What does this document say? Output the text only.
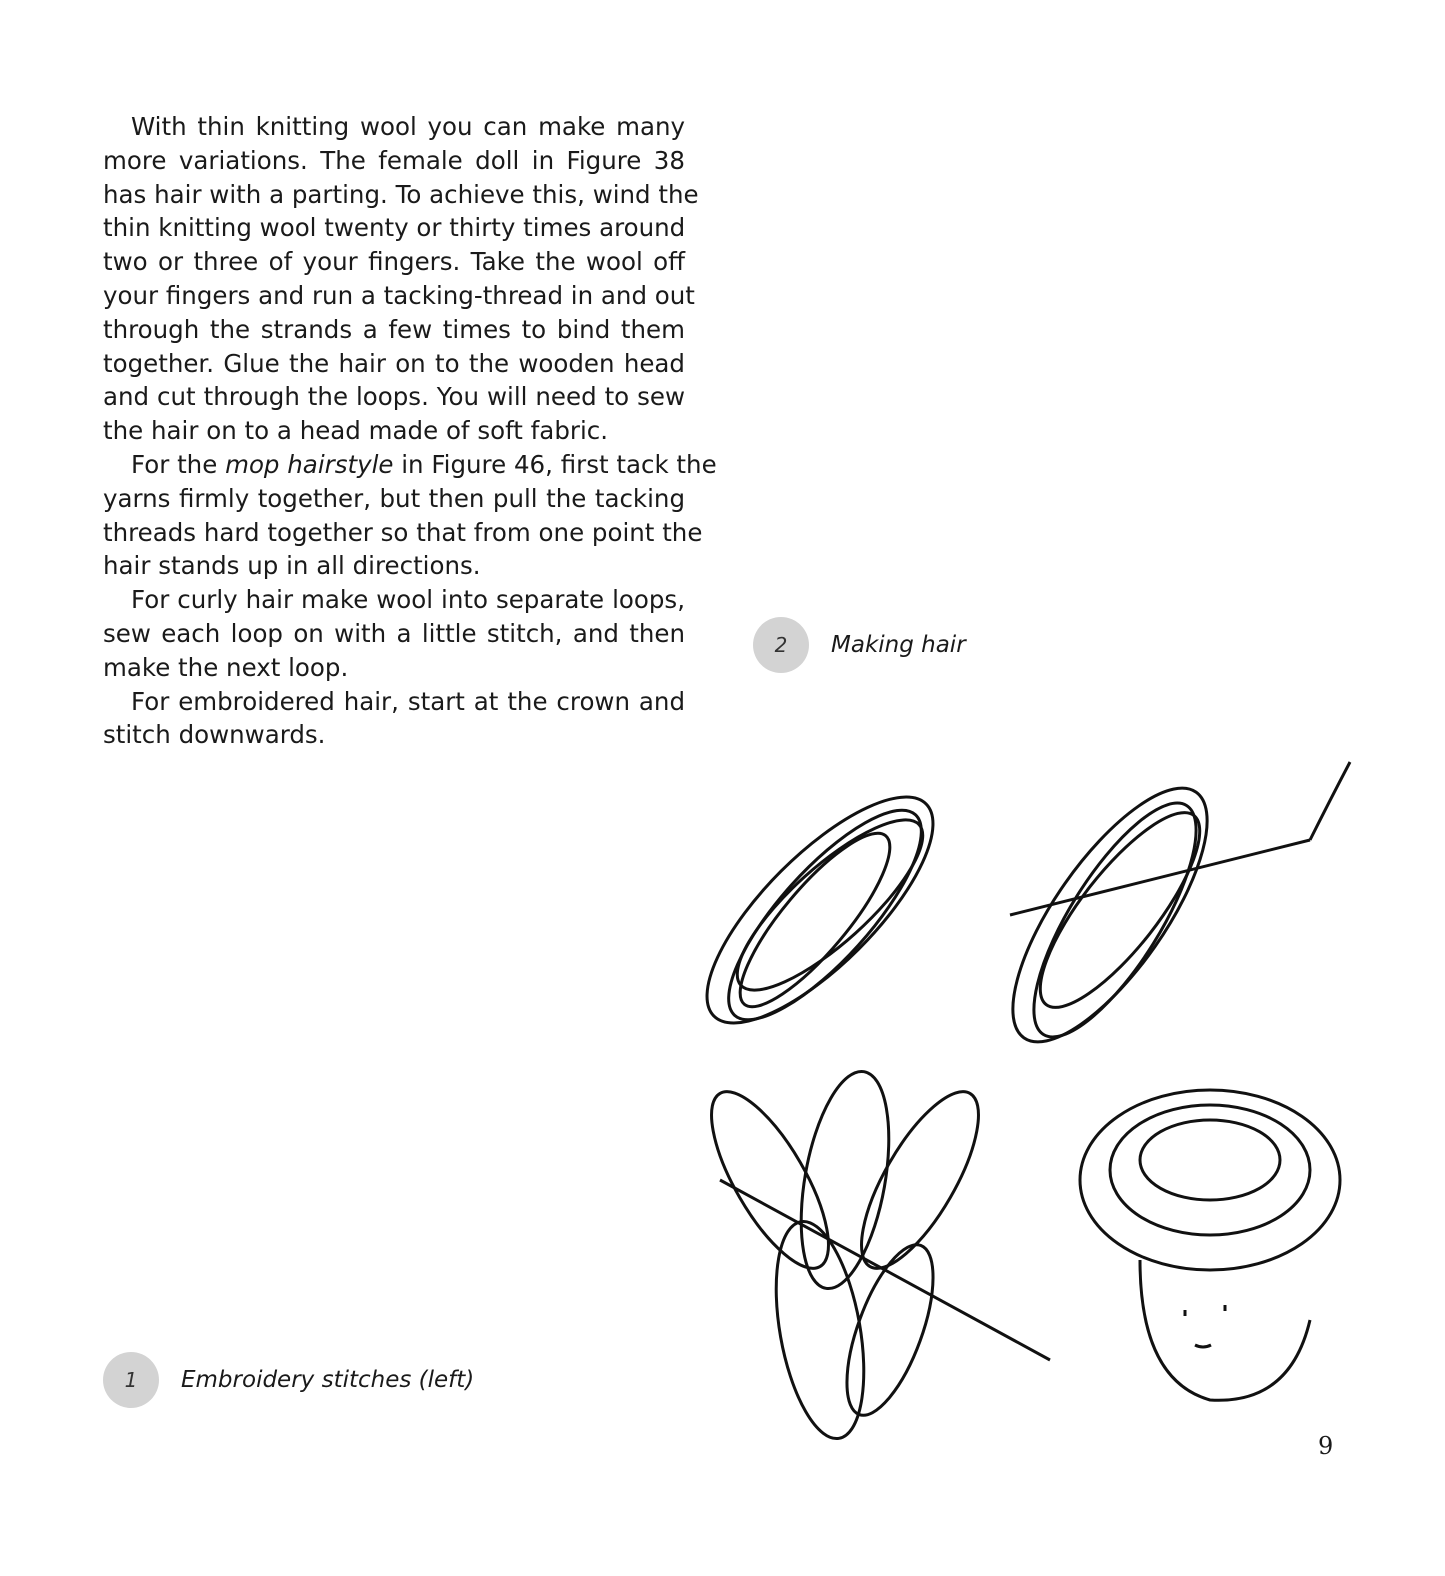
With thin knitting wool you can make many
more variations. The female doll in Figure 38
has hair with a parting. To achieve this, wind the
thin knitting wool twenty or thirty times around
two or three of your fingers. Take the wool off
your fingers and run a tacking-thread in and out
through the strands a few times to bind them
together. Glue the hair on to the wooden head
and cut through the loops. You will need to sew
the hair on to a head made of soft fabric.
For the mop hairstyle in Figure 46, first tack the
yarns firmly together, but then pull the tacking
threads hard together so that from one point the
hair stands up in all directions.
For curly hair make wool into separate loops,
sew each loop on with a little stitch, and then
make the next loop.
For embroidered hair, start at the crown and
stitch downwards.
2	Making hair
1	Embroidery stitches (left)
9
